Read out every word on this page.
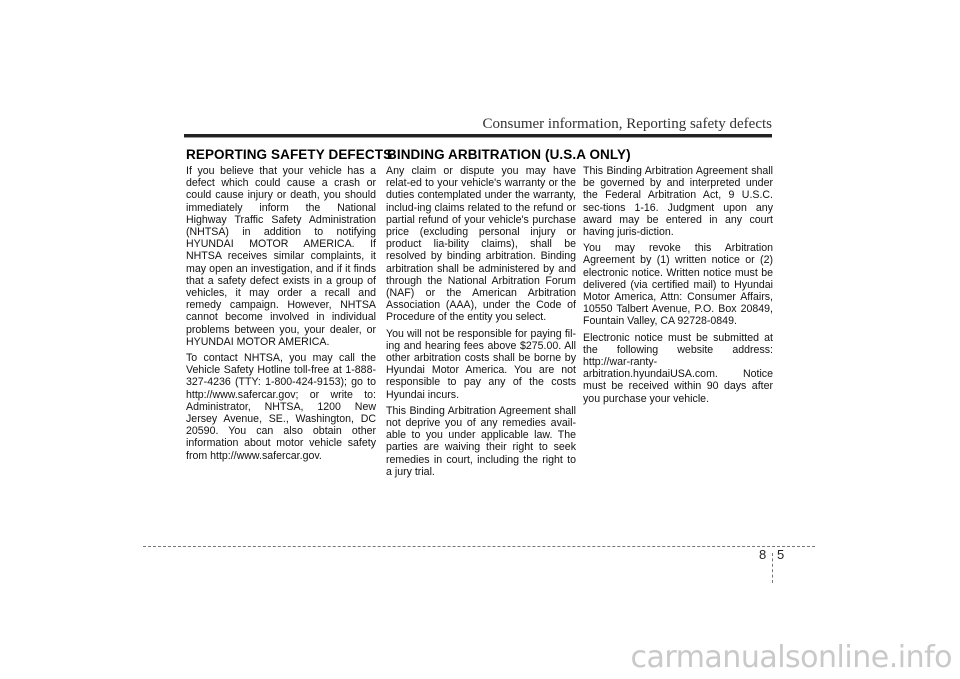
Consumer information, Reporting safety defects
REPORTING SAFETY DEFECTS
BINDING ARBITRATION (U.S.A ONLY)

If you believe that your vehicle has a defect which could cause a crash or could cause injury or death, you should immediately inform the National Highway Traffic Safety Administration (NHTSA) in addition to notifying HYUNDAI MOTOR AMERICA. If NHTSA receives similar complaints, it may open an investigation, and if it finds that a safety defect exists in a group of vehicles, it may order a recall and remedy campaign. However, NHTSA cannot become involved in individual problems between you, your dealer, or HYUNDAI MOTOR AMERICA.

To contact NHTSA, you may call the Vehicle Safety Hotline toll-free at 1-888-327-4236 (TTY: 1-800-424-9153); go to http://www.safercar.gov; or write to: Administrator, NHTSA, 1200 New Jersey Avenue, SE., Washington, DC 20590. You can also obtain other information about motor vehicle safety from http://www.safercar.gov.

Any claim or dispute you may have relat-ed to your vehicle's warranty or the duties contemplated under the warranty, includ-ing claims related to the refund or partial refund of your vehicle's purchase price (excluding personal injury or product lia-bility claims), shall be resolved by binding arbitration. Binding arbitration shall be administered by and through the National Arbitration Forum (NAF) or the American Arbitration Association (AAA), under the Code of Procedure of the entity you select.

You will not be responsible for paying fil-ing and hearing fees above $275.00. All other arbitration costs shall be borne by Hyundai Motor America. You are not responsible to pay any of the costs Hyundai incurs.

This Binding Arbitration Agreement shall not deprive you of any remedies avail-able to you under applicable law. The parties are waiving their right to seek remedies in court, including the right to a jury trial.

This Binding Arbitration Agreement shall be governed by and interpreted under the Federal Arbitration Act, 9 U.S.C. sec-tions 1-16. Judgment upon any award may be entered in any court having juris-diction.

You may revoke this Arbitration Agreement by (1) written notice or (2) electronic notice. Written notice must be delivered (via certified mail) to Hyundai Motor America, Attn: Consumer Affairs, 10550 Talbert Avenue, P.O. Box 20849, Fountain Valley, CA 92728-0849.

Electronic notice must be submitted at the following website address: http://war-ranty-arbitration.hyundaiUSA.com. Notice must be received within 90 days after you purchase your vehicle.

8 5
carmanualsonline.info
